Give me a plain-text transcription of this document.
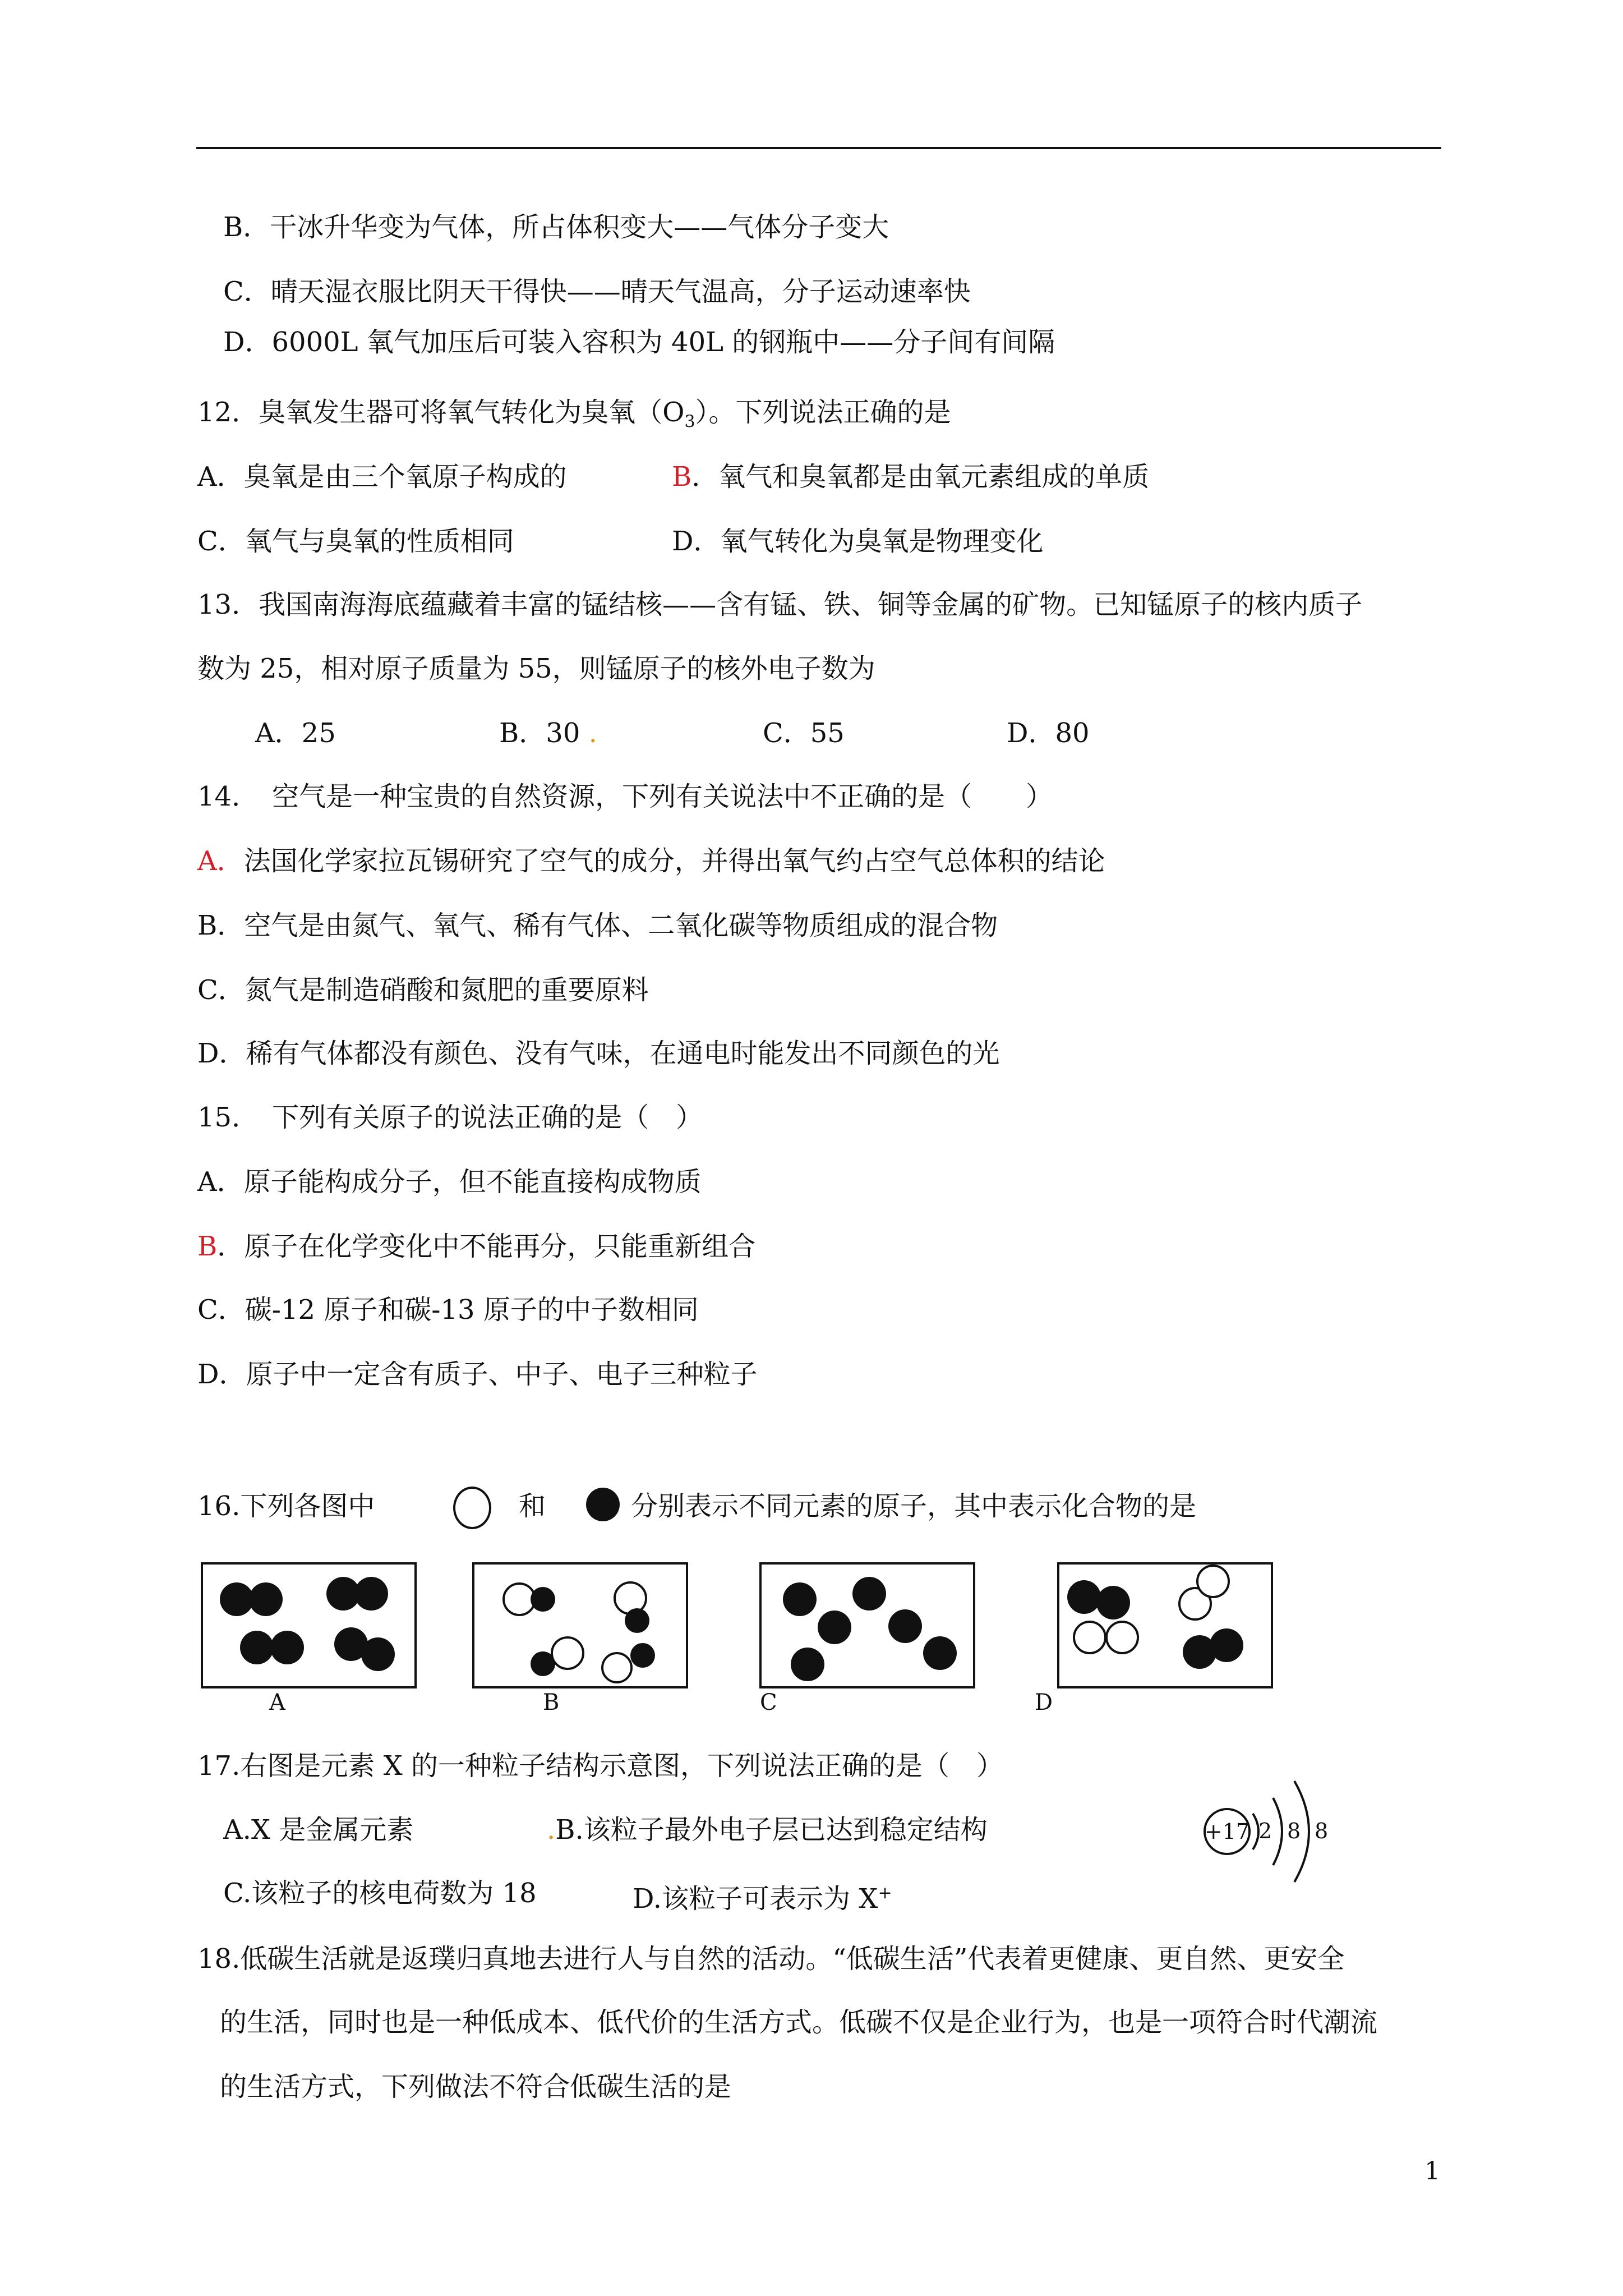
B．干冰升华变为气体，所占体积变大——气体分子变大
C．晴天湿衣服比阴天干得快——晴天气温高，分子运动速率快
D．6000L 氧气加压后可装入容积为 40L 的钢瓶中——分子间有间隔
12．臭氧发生器可将氧气转化为臭氧$(O_3)$。下列说法正确的是
A．臭氧是由三个氧原子构成的	B．氧气和臭氧都是由氧元素组成的单质
C．氧气与臭氧的性质相同	D．氧气转化为臭氧是物理变化
13．我国南海海底蕴藏着丰富的锰结核——含有锰、铁、铜等金属的矿物。已知锰原子的核内质子
数为 25，相对原子质量为 55，则锰原子的核外电子数为
A．25	B．30 .	C．55	D．80
14．　空气是一种宝贵的自然资源，下列有关说法中不正确的是（　　）
A．法国化学家拉瓦锡研究了空气的成分，并得出氧气约占空气总体积的结论
B．空气是由氮气、氧气、稀有气体、二氧化碳等物质组成的混合物
C．氮气是制造硝酸和氮肥的重要原料
D．稀有气体都没有颜色、没有气味，在通电时能发出不同颜色的光
15．　下列有关原子的说法正确的是（　）
A．原子能构成分子，但不能直接构成物质
B．原子在化学变化中不能再分，只能重新组合
C．碳-12 原子和碳-13 原子的中子数相同
D．原子中一定含有质子、中子、电子三种粒子
16.下列各图中	和	分别表示不同元素的原子，其中表示化合物的是
A	B	C	D
17.右图是元素 X 的一种粒子结构示意图，下列说法正确的是（　）
A.X 是金属元素	.B.该粒子最外电子层已达到稳定结构
C.该粒子的核电荷数为 18	D.该粒子可表示为 X+
+17 2 8 8
18.低碳生活就是返璞归真地去进行人与自然的活动。“低碳生活”代表着更健康、更自然、更安全
的生活，同时也是一种低成本、低代价的生活方式。低碳不仅是企业行为，也是一项符合时代潮流
的生活方式，下列做法不符合低碳生活的是
1
